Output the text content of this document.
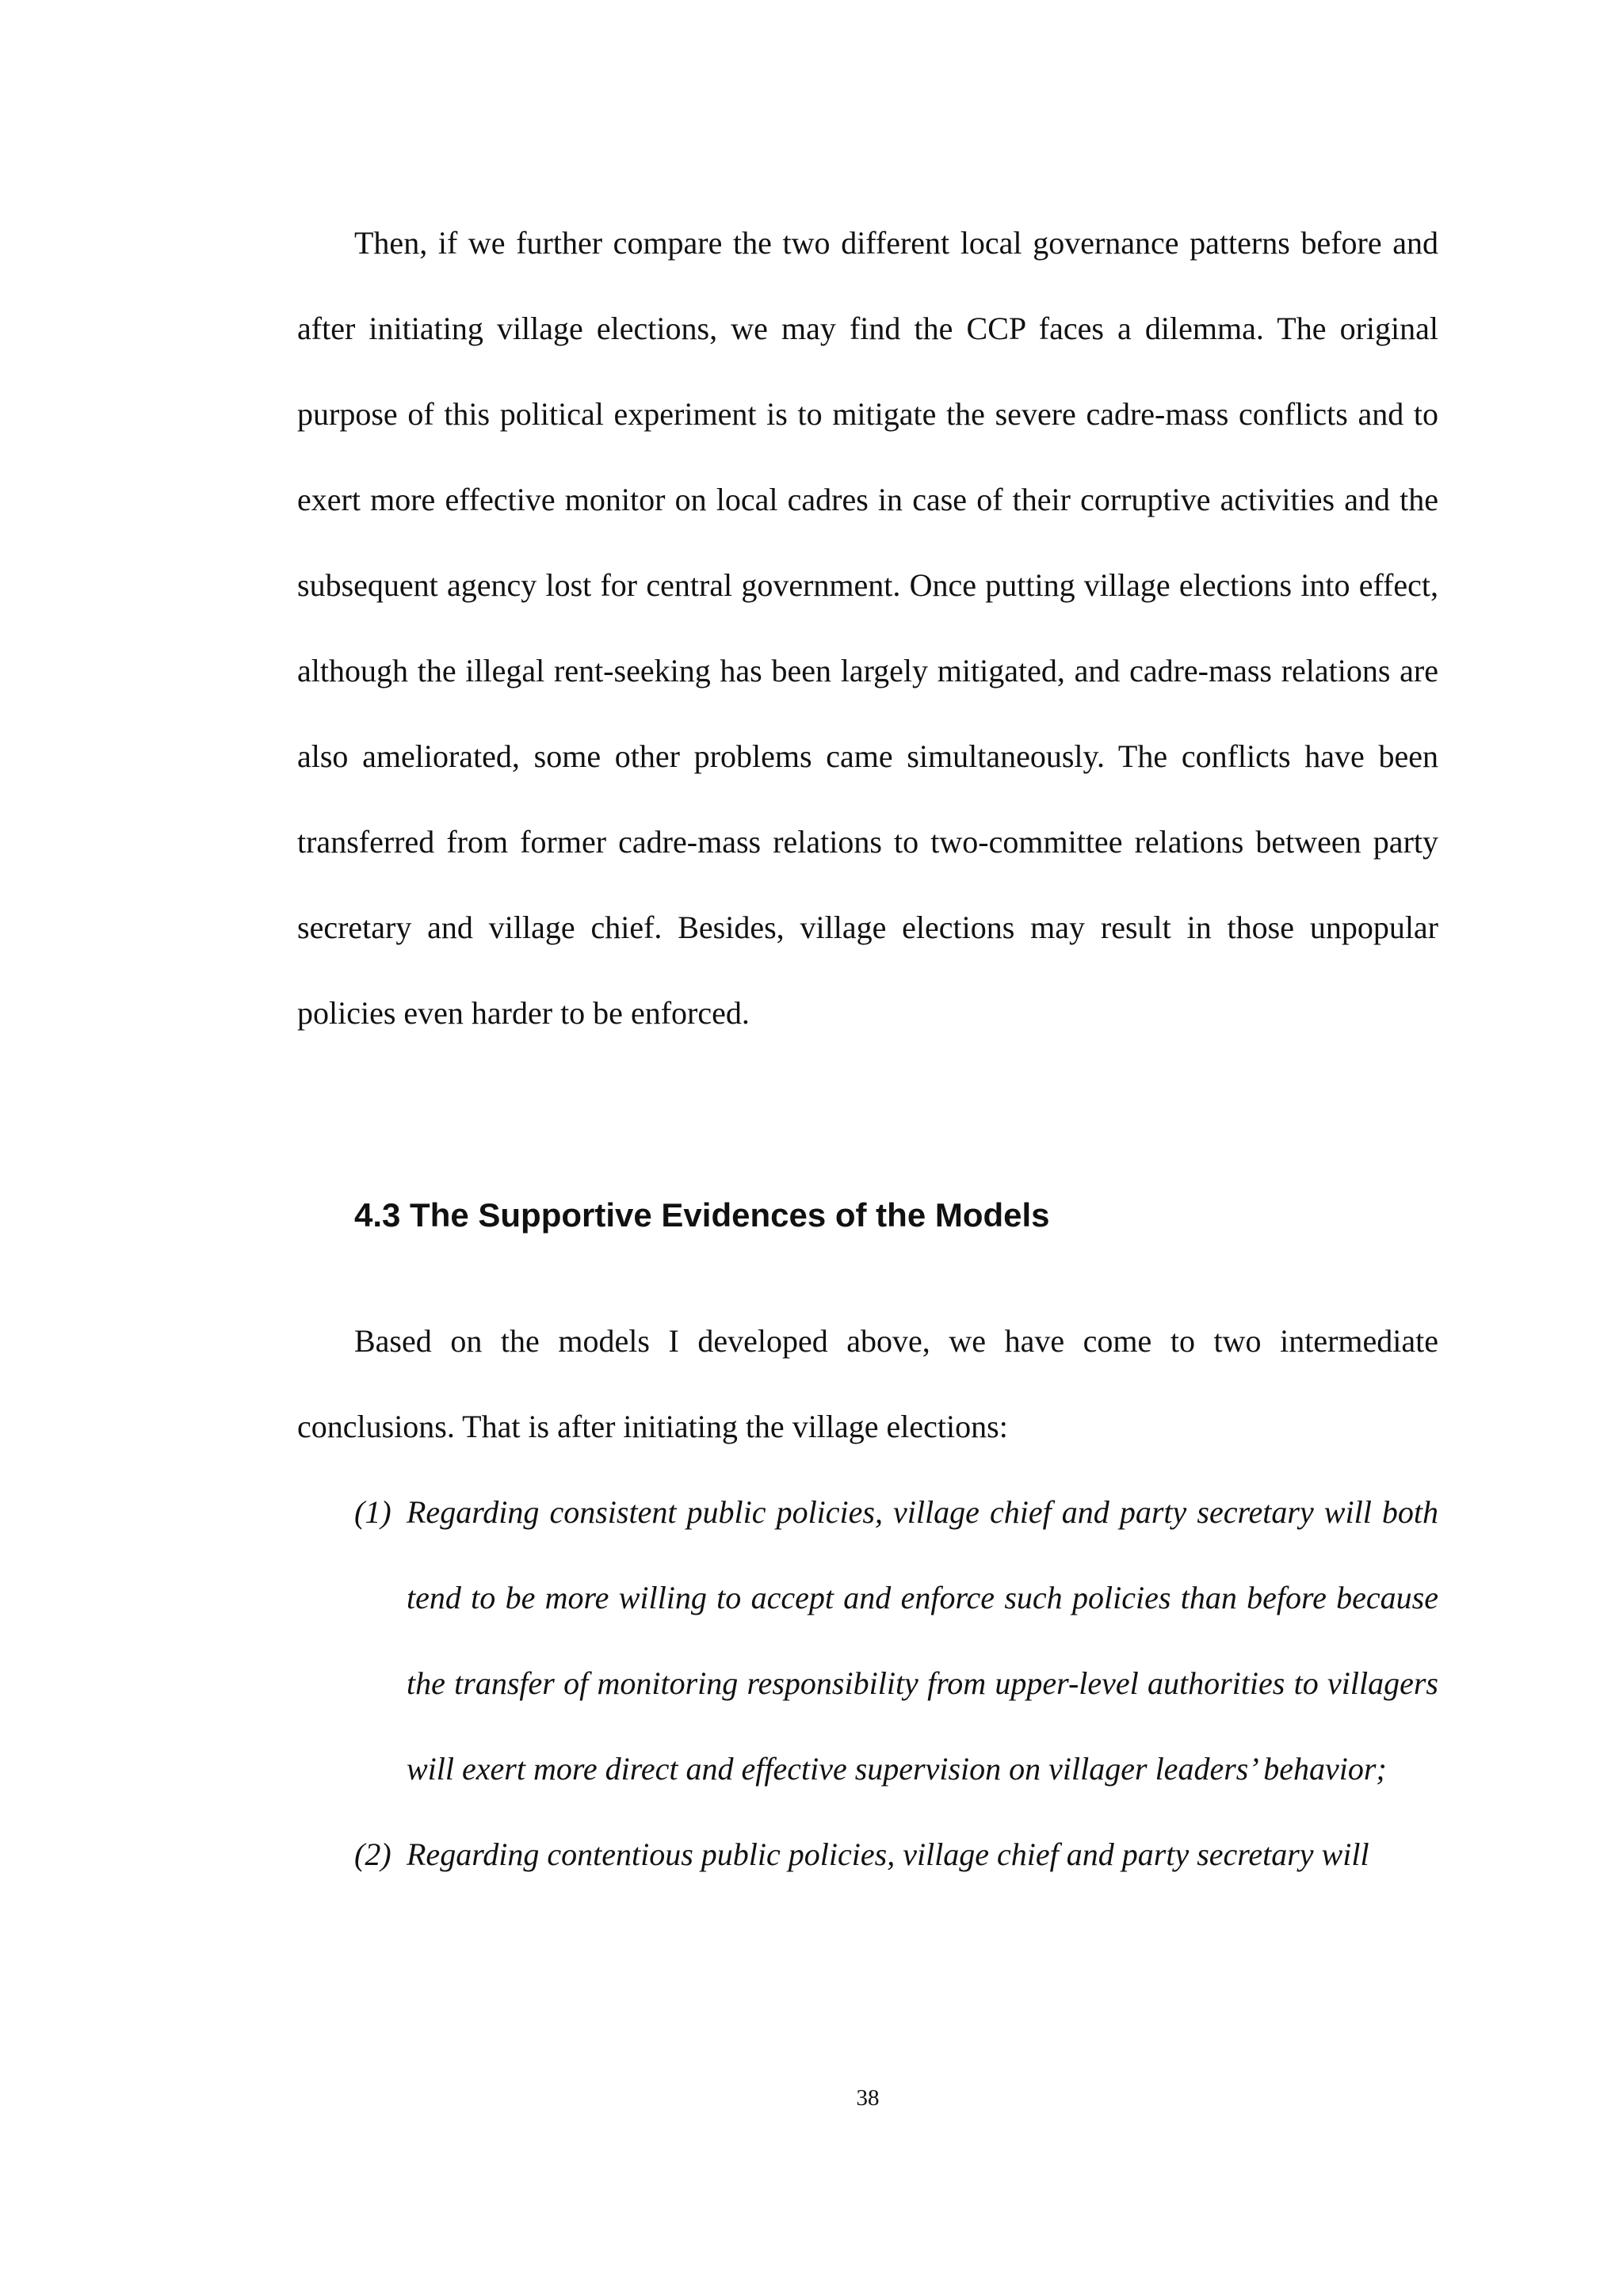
Then, if we further compare the two different local governance patterns before and after initiating village elections, we may find the CCP faces a dilemma. The original purpose of this political experiment is to mitigate the severe cadre-mass conflicts and to exert more effective monitor on local cadres in case of their corruptive activities and the subsequent agency lost for central government. Once putting village elections into effect, although the illegal rent-seeking has been largely mitigated, and cadre-mass relations are also ameliorated, some other problems came simultaneously. The conflicts have been transferred from former cadre-mass relations to two-committee relations between party secretary and village chief. Besides, village elections may result in those unpopular policies even harder to be enforced.

4.3 The Supportive Evidences of the Models

Based on the models I developed above, we have come to two intermediate conclusions. That is after initiating the village elections:

(1) Regarding consistent public policies, village chief and party secretary will both tend to be more willing to accept and enforce such policies than before because the transfer of monitoring responsibility from upper-level authorities to villagers will exert more direct and effective supervision on villager leaders’ behavior;
(2) Regarding contentious public policies, village chief and party secretary will
38
